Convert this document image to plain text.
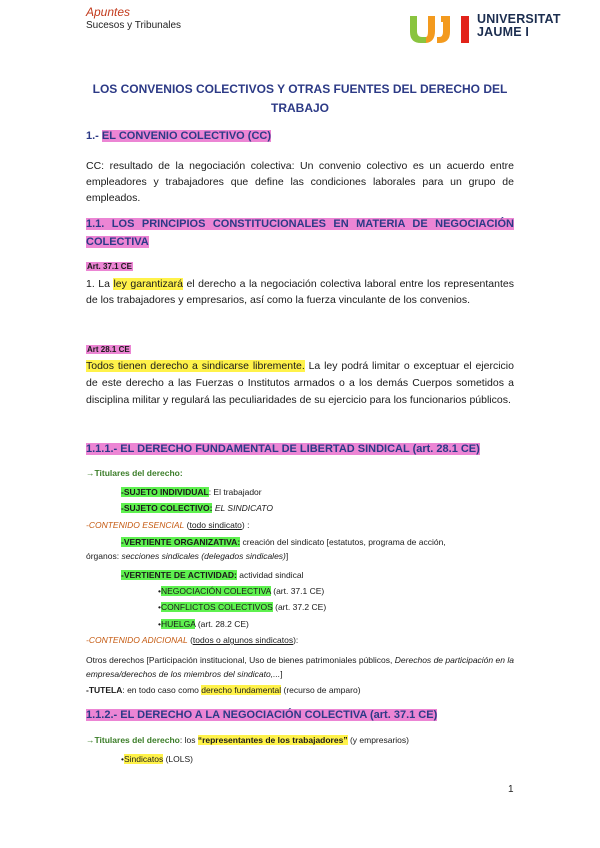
Apuntes
Sucesos y Tribunales	UNIVERSITAT
JAUME I
LOS CONVENIOS COLECTIVOS Y OTRAS FUENTES DEL DERECHO DEL
TRABAJO
1.- EL CONVENIO COLECTIVO (CC)
CC: resultado de la negociación colectiva: Un convenio colectivo es un acuerdo entre empleadores y trabajadores que define las condiciones laborales para un grupo de empleados.
1.1. LOS PRINCIPIOS CONSTITUCIONALES EN MATERIA DE NEGOCIACIÓN COLECTIVA
Art. 37.1 CE
1. La ley garantizará el derecho a la negociación colectiva laboral entre los representantes de los trabajadores y empresarios, así como la fuerza vinculante de los convenios.
Art 28.1 CE
Todos tienen derecho a sindicarse libremente. La ley podrá limitar o exceptuar el ejercicio de este derecho a las Fuerzas o Institutos armados o a los demás Cuerpos sometidos a disciplina militar y regulará las peculiaridades de su ejercicio para los funcionarios públicos.
1.1.1.- EL DERECHO FUNDAMENTAL DE LIBERTAD SINDICAL (art. 28.1 CE)
→Titulares del derecho:
-SUJETO INDIVIDUAL: El trabajador
-SUJETO COLECTIVO: EL SINDICATO
-CONTENIDO ESENCIAL (todo sindicato) :
-VERTIENTE ORGANIZATIVA: creación del sindicato [estatutos, programa de acción,
órganos: secciones sindicales (delegados sindicales)]
-VERTIENTE DE ACTIVIDAD: actividad sindical
•NEGOCIACIÓN COLECTIVA (art. 37.1 CE)
•CONFLICTOS COLECTIVOS (art. 37.2 CE)
•HUELGA (art. 28.2 CE)
-CONTENIDO ADICIONAL (todos o algunos sindicatos):
Otros derechos [Participación institucional, Uso de bienes patrimoniales públicos, Derechos de participación en la empresa/derechos de los miembros del sindicato,...]
-TUTELA: en todo caso como derecho fundamental (recurso de amparo)
1.1.2.- EL DERECHO A LA NEGOCIACIÓN COLECTIVA (art. 37.1 CE)
→Titulares del derecho: los “representantes de los trabajadores” (y empresarios)
•Sindicatos (LOLS)
1
